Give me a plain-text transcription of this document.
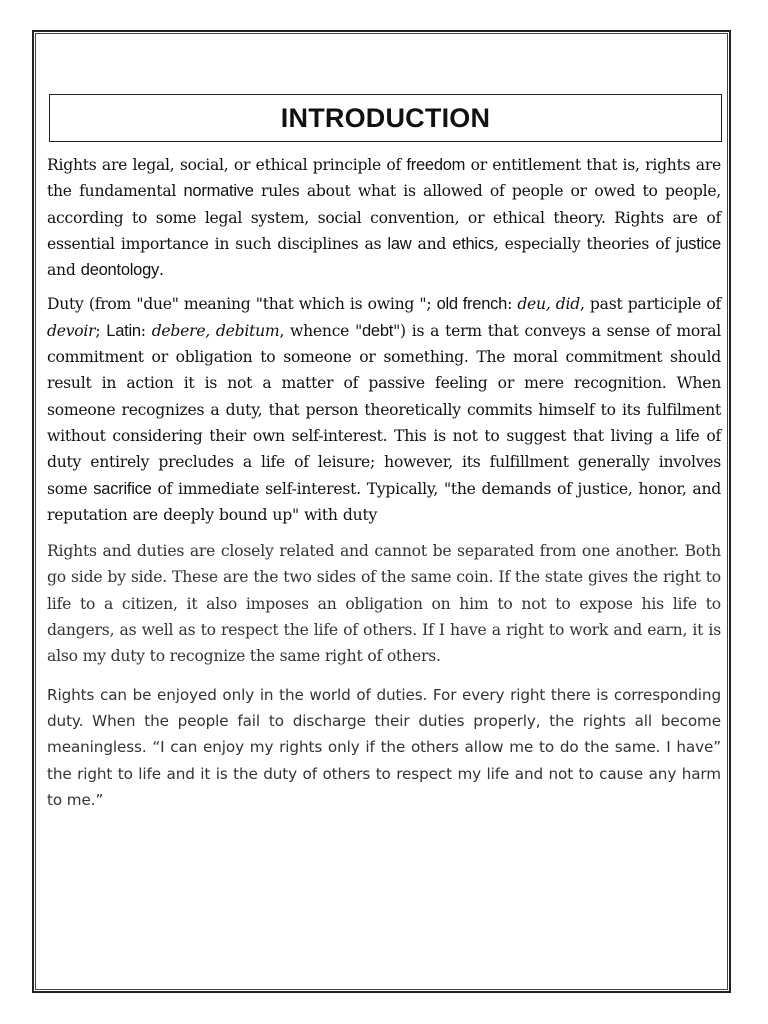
INTRODUCTION

Rights are legal, social, or ethical principle of freedom or entitlement that is, rights are the fundamental normative rules about what is allowed of people or owed to people, according to some legal system, social convention, or ethical theory. Rights are of essential importance in such disciplines as law and ethics, especially theories of justice and deontology.

Duty (from "due" meaning "that which is owing "; old french: deu, did, past participle of devoir; Latin: debere, debitum, whence "debt") is a term that conveys a sense of moral commitment or obligation to someone or something. The moral commitment should result in action it is not a matter of passive feeling or mere recognition. When someone recognizes a duty, that person theoretically commits himself to its fulfilment without considering their own self-interest. This is not to suggest that living a life of duty entirely precludes a life of leisure; however, its fulfillment generally involves some sacrifice of immediate self-interest. Typically, "the demands of justice, honor, and reputation are deeply bound up" with duty

Rights and duties are closely related and cannot be separated from one another. Both go side by side. These are the two sides of the same coin. If the state gives the right to life to a citizen, it also imposes an obligation on him to not to expose his life to dangers, as well as to respect the life of others. If I have a right to work and earn, it is also my duty to recognize the same right of others.

Rights can be enjoyed only in the world of duties. For every right there is corresponding duty. When the people fail to discharge their duties properly, the rights all become meaningless. “I can enjoy my rights only if the others allow me to do the same. I have” the right to life and it is the duty of others to respect my life and not to cause any harm to me.”
